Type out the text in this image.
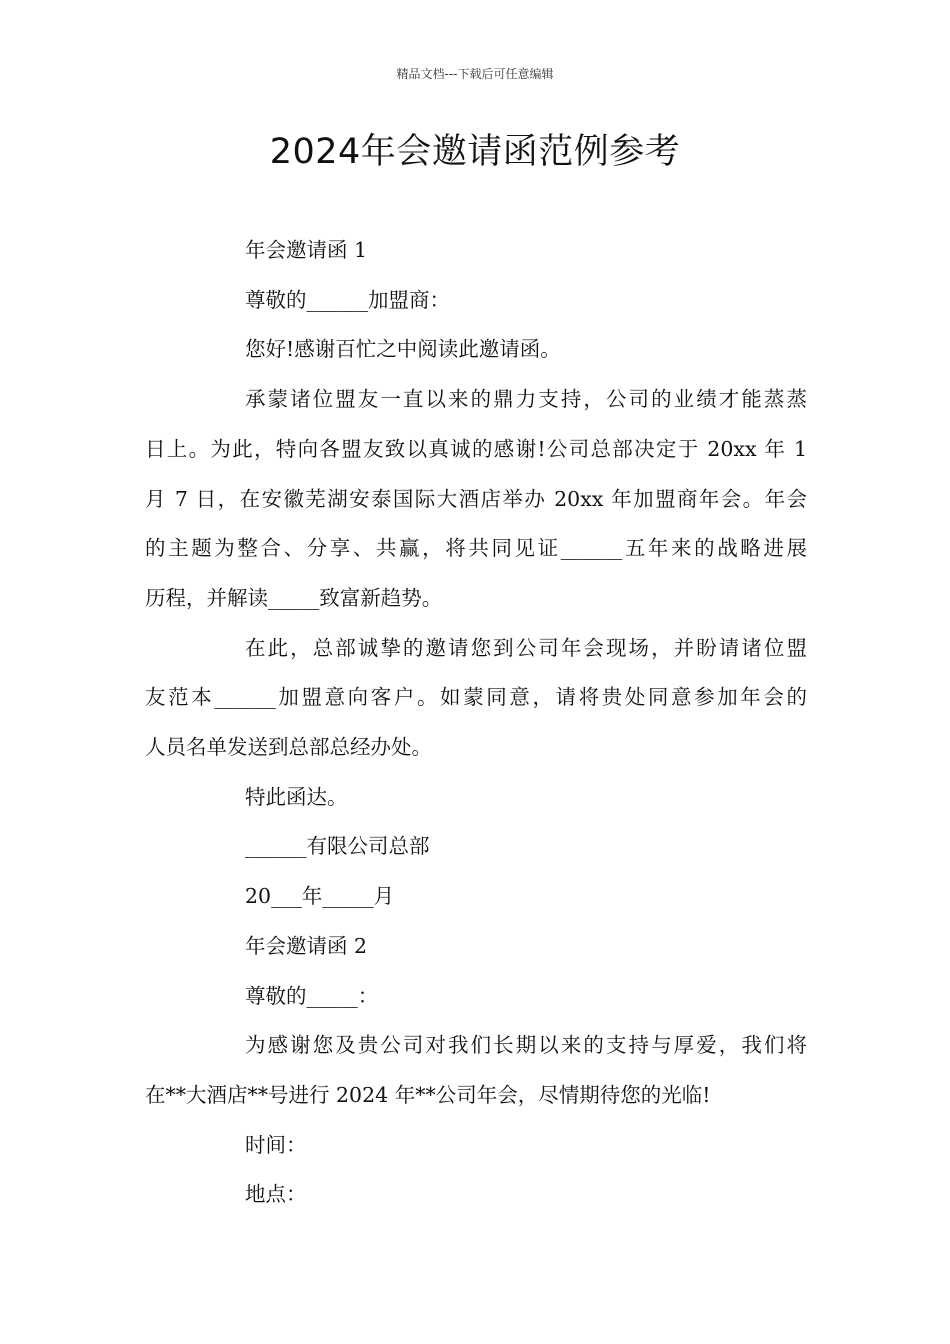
精品文档---下载后可任意编辑
2024年会邀请函范例参考

年会邀请函 1

尊敬的______加盟商：

您好!感谢百忙之中阅读此邀请函。

承蒙诸位盟友一直以来的鼎力支持，公司的业绩才能蒸蒸

日上。为此，特向各盟友致以真诚的感谢!公司总部决定于 20xx 年 1

月 7 日，在安徽芜湖安泰国际大酒店举办 20xx 年加盟商年会。年会

的主题为整合、分享、共赢，将共同见证______五年来的战略进展

历程，并解读_____致富新趋势。

在此，总部诚挚的邀请您到公司年会现场，并盼请诸位盟

友范本______加盟意向客户。如蒙同意，请将贵处同意参加年会的

人员名单发送到总部总经办处。

特此函达。

______有限公司总部

20___年_____月

年会邀请函 2

尊敬的_____：

为感谢您及贵公司对我们长期以来的支持与厚爱，我们将

在**大酒店**号进行 2024 年**公司年会，尽情期待您的光临!

时间：

地点：
